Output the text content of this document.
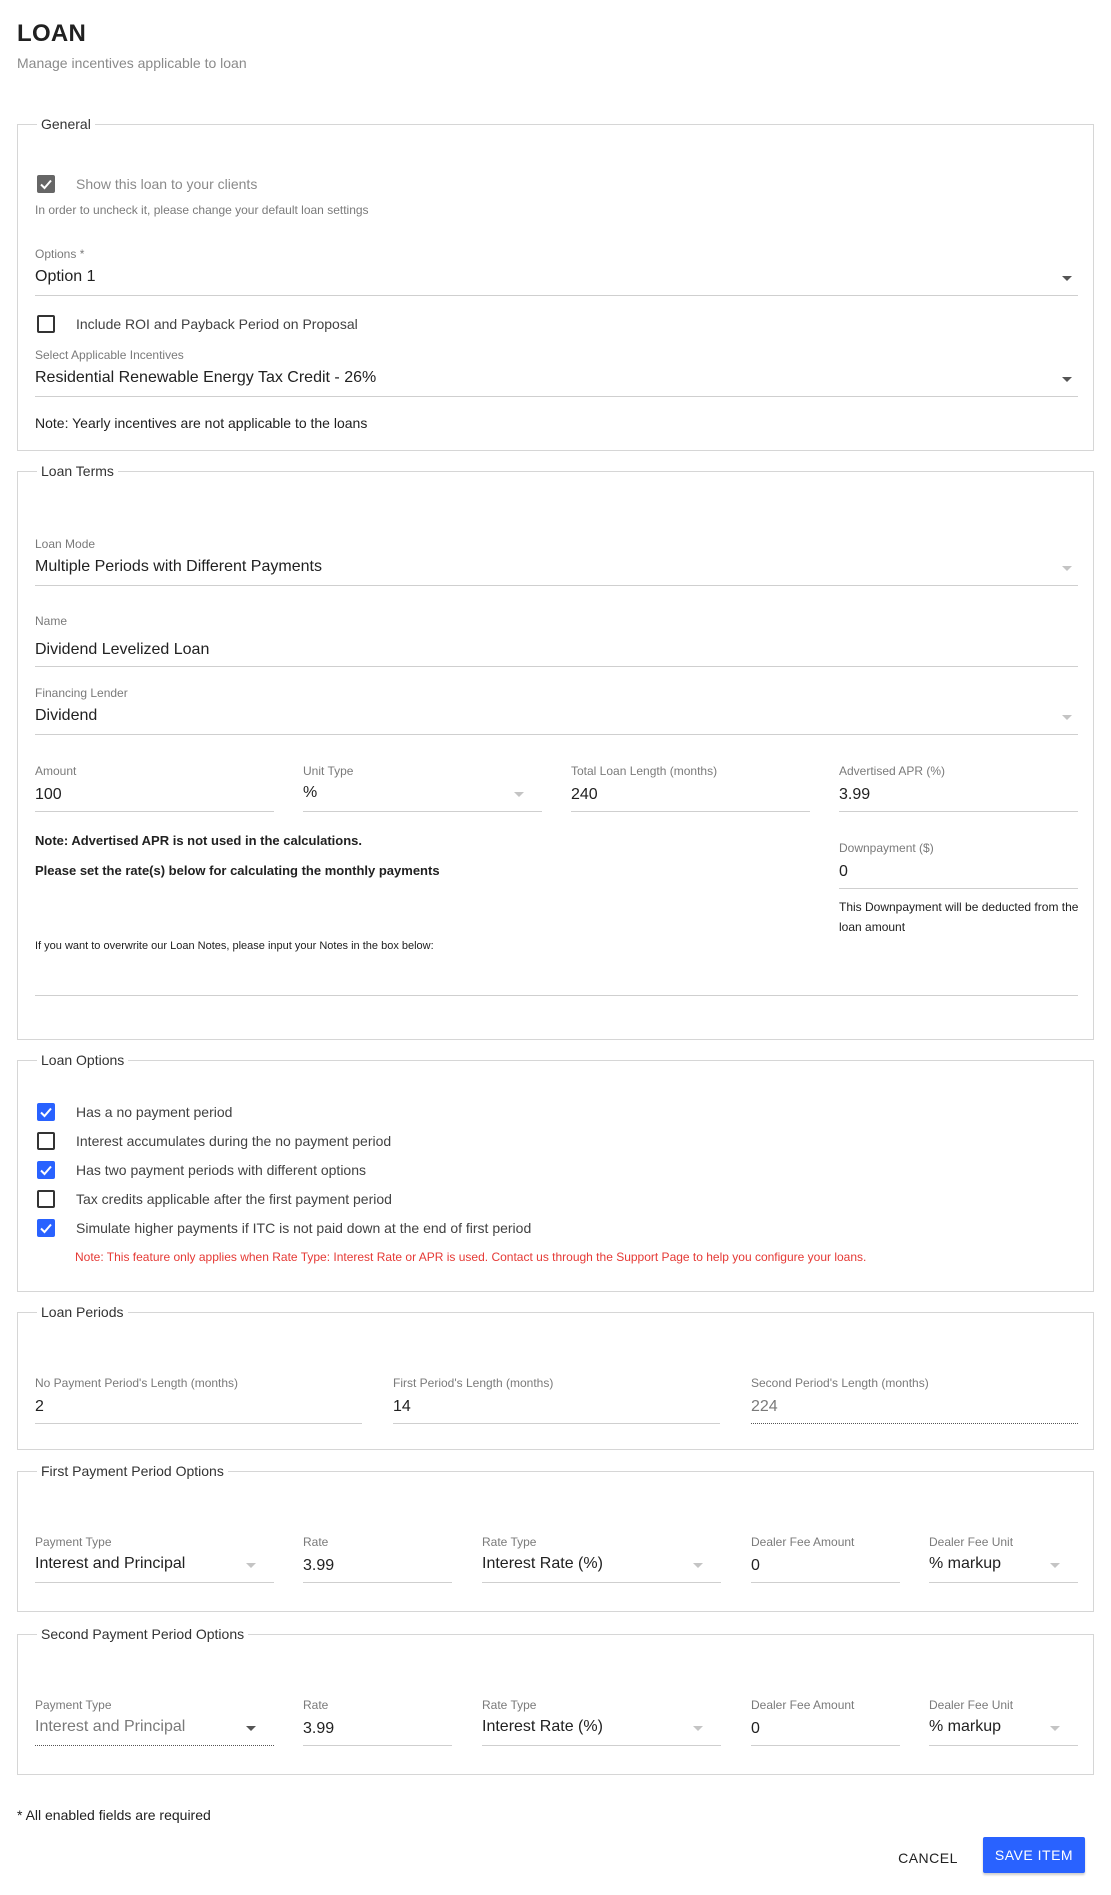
LOAN
Manage incentives applicable to loan
General
Show this loan to your clients
In order to uncheck it, please change your default loan settings
Options *
Option 1
Include ROI and Payback Period on Proposal
Select Applicable Incentives
Residential Renewable Energy Tax Credit - 26%
Note: Yearly incentives are not applicable to the loans
Loan Terms
Loan Mode
Multiple Periods with Different Payments
Name
Dividend Levelized Loan
Financing Lender
Dividend
Amount
100
Unit Type
%
Total Loan Length (months)
240
Advertised APR (%)
3.99
Note: Advertised APR is not used in the calculations.
Please set the rate(s) below for calculating the monthly payments
Downpayment ($)
0
This Downpayment will be deducted from the loan amount
If you want to overwrite our Loan Notes, please input your Notes in the box below:
Loan Options
Has a no payment period
Interest accumulates during the no payment period
Has two payment periods with different options
Tax credits applicable after the first payment period
Simulate higher payments if ITC is not paid down at the end of first period
Note: This feature only applies when Rate Type: Interest Rate or APR is used. Contact us through the Support Page to help you configure your loans.
Loan Periods
No Payment Period's Length (months)
2
First Period's Length (months)
14
Second Period's Length (months)
224
First Payment Period Options
Payment Type
Interest and Principal
Rate
3.99
Rate Type
Interest Rate (%)
Dealer Fee Amount
0
Dealer Fee Unit
% markup
Second Payment Period Options
Payment Type
Interest and Principal
Rate
3.99
Rate Type
Interest Rate (%)
Dealer Fee Amount
0
Dealer Fee Unit
% markup
* All enabled fields are required
CANCEL	SAVE ITEM
